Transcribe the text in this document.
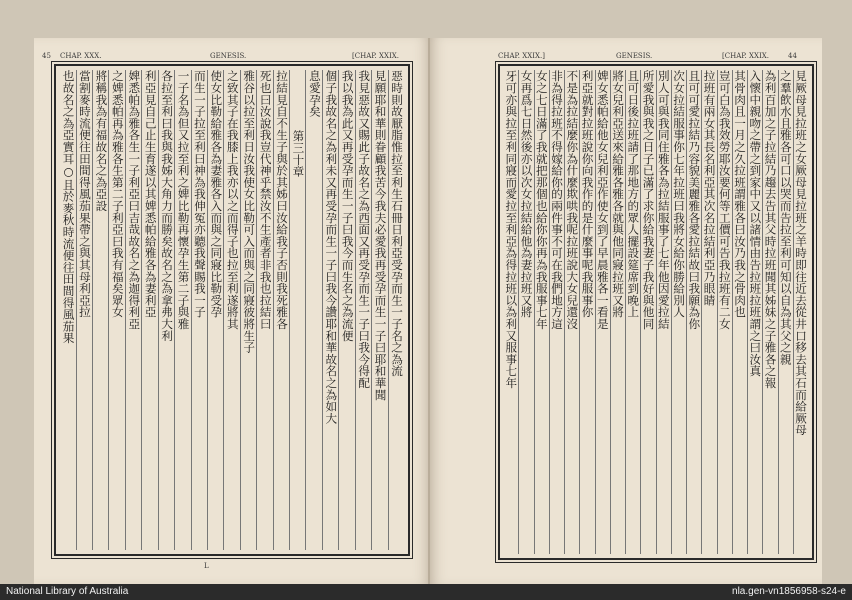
45 CHAP. XXX.	GENESIS.	[CHAP. XXIX.
惡時則故厭脂惟拉至利生石冊日利亞受孕而生一子名之為流
見願耶和華則眷顧我苦今我夫必愛我再受孕而生一子曰耶和華聞
我見惡故又賜此子故名之為西面又再受孕而生一子曰我今得配
我以我為此又再受孕而生一子曰我今而生名之為流便
個子我故名之為利未又再受孕而生一子曰我今讚耶和華故名之為如大
息愛孕矣
第三十章
拉結見自不生子與於其姊曰汝給我子否則我死雅各
死也曰汝說我豈代神乎禁汝不生產者非我也拉結曰
雅谷以拉至利日汝我使女比勒可入而與之同寢彼將生子
之致其子在我膝上我亦以之而得子也拉至利遂將其
使女比勒給雅各為妻雅各入而與之同寢比勒受孕
而生一子拉至利曰神為我伸冤亦聽我聲賜我一子
一子名為但又拉至利之婢比勒再懷孕生第二子與雅
各拉至利曰我與我姊大角力而勝矣故名之為拿弗大利
利亞見自己止生育遂以其婢悉帕給雅各為妻利亞
婢悉帕為雅各生一子利亞曰吉哉故名之為迦得利亞
之婢悉帕再為雅各生第二子利亞曰我有福矣眾女
將稱我為有福故名之為亞設
當割麥時流便往田間得風茄果帶之與其母利亞拉
也故名之為亞實耳○且於麥秋時流便往田間得風茄果
L
CHAP. XXIX.]	GENESIS.	[CHAP. XXIX.	44
見厥母見拉班之女厥母見拉班之羊時即往近去從井口移去其石而給厥母
之羣飲水且雅各可口以哭而告拉至利可知以自為其父之親
為利百加之子拉結乃趨去告其父時拉班聞其姊妹之子雅各之報
入懷中親吻之帶之到家中又以諸情由告拉班拉班謂之曰汝真
其骨肉且一月之久拉班謂雅各曰汝乃我之骨肉也
豈可白為我效勞耶汝要何等工價可告我拉班有二女
拉班有兩女其長名利亞其次名拉結利亞乃眼睛
且可可愛拉結乃容貌美麗雅各愛拉結故曰我願為你
次女拉結服事你七年拉班曰我將女給你勝給別人
別人可與我同住雅各為拉結服事了七年他因愛拉結
所愛我與我之日子已滿了求你給我妻子我好與他同
且可日後拉班請了那地方的眾人擺設筵席到晚上
將女兒利亞送來給雅各雅各就與他同寢拉班又將
婢女悉帕給他女兒利亞作使女到了早晨雅各一看是
利亞就對拉班說你向我作的是什麼事呢我服事你
不是為拉結麼你為什麼欺哄我呢拉班說大女兒還沒
非為得拉班不得嫁給你的兩件事不可在我們地方這
女之七日滿了我就把那個也給你你再為我服事七年
女再爲七日然後亦以次女拉結給他為妻拉班又將
牙可亦與拉至利同寢而愛拉至利亞為得拉班以為利又服事七年
National Library of Australia	nla.gen-vn1856958-s24-e
